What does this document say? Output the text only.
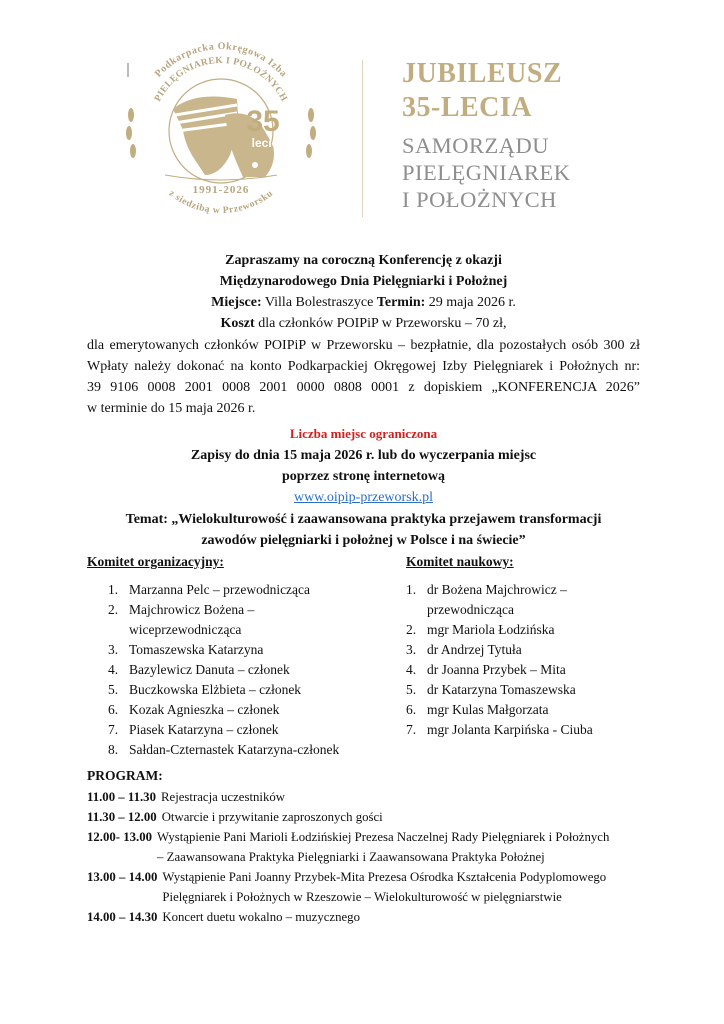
Podkarpacka Okręgowa Izba
PIELĘGNIAREK I POŁOŻNYCH
35
lecie
1991-2026
z siedzibą w Przeworsku
JUBILEUSZ
35-LECIA
SAMORZĄDU
PIELĘGNIAREK
I POŁOŻNYCH
Zapraszamy na coroczną Konferencję z okazji
Międzynarodowego Dnia Pielęgniarki i Położnej
Miejsce: Villa Bolestraszyce Termin: 29 maja 2026 r.
Koszt dla członków POIPiP w Przeworsku – 70 zł,
dla emerytowanych członków POIPiP w Przeworsku – bezpłatnie, dla pozostałych osób 300 zł
Wpłaty należy dokonać na konto Podkarpackiej Okręgowej Izby Pielęgniarek i Położnych nr:
39 9106 0008 2001 0008 2001 0000 0808 0001 z dopiskiem „KONFERENCJA 2026”
w terminie do 15 maja 2026 r.
Liczba miejsc ograniczona
Zapisy do dnia 15 maja 2026 r. lub do wyczerpania miejsc
poprzez stronę internetową
www.oipip-przeworsk.pl
Temat: „Wielokulturowość i zaawansowana praktyka przejawem transformacji
zawodów pielęgniarki i położnej w Polsce i na świecie”
Komitet organizacyjny:	Komitet naukowy:
1. Marzanna Pelc – przewodnicząca
2. Majchrowicz Bożena –
wiceprzewodnicząca
3. Tomaszewska Katarzyna
4. Bazylewicz Danuta – członek
5. Buczkowska Elżbieta – członek
6. Kozak Agnieszka – członek
7. Piasek Katarzyna – członek
8. Sałdan-Czternastek Katarzyna-członek
1. dr Bożena Majchrowicz –
przewodnicząca
2. mgr Mariola Łodzińska
3. dr Andrzej Tytuła
4. dr Joanna Przybek – Mita
5. dr Katarzyna Tomaszewska
6. mgr Kulas Małgorzata
7. mgr Jolanta Karpińska - Ciuba
PROGRAM:
11.00 – 11.30 Rejestracja uczestników
11.30 – 12.00 Otwarcie i przywitanie zaproszonych gości
12.00- 13.00 Wystąpienie Pani Marioli Łodzińskiej Prezesa Naczelnej Rady Pielęgniarek i Położnych
– Zaawansowana Praktyka Pielęgniarki i Zaawansowana Praktyka Położnej
13.00 – 14.00 Wystąpienie Pani Joanny Przybek-Mita Prezesa Ośrodka Kształcenia Podyplomowego
Pielęgniarek i Położnych w Rzeszowie – Wielokulturowość w pielęgniarstwie
14.00 – 14.30 Koncert duetu wokalno – muzycznego
